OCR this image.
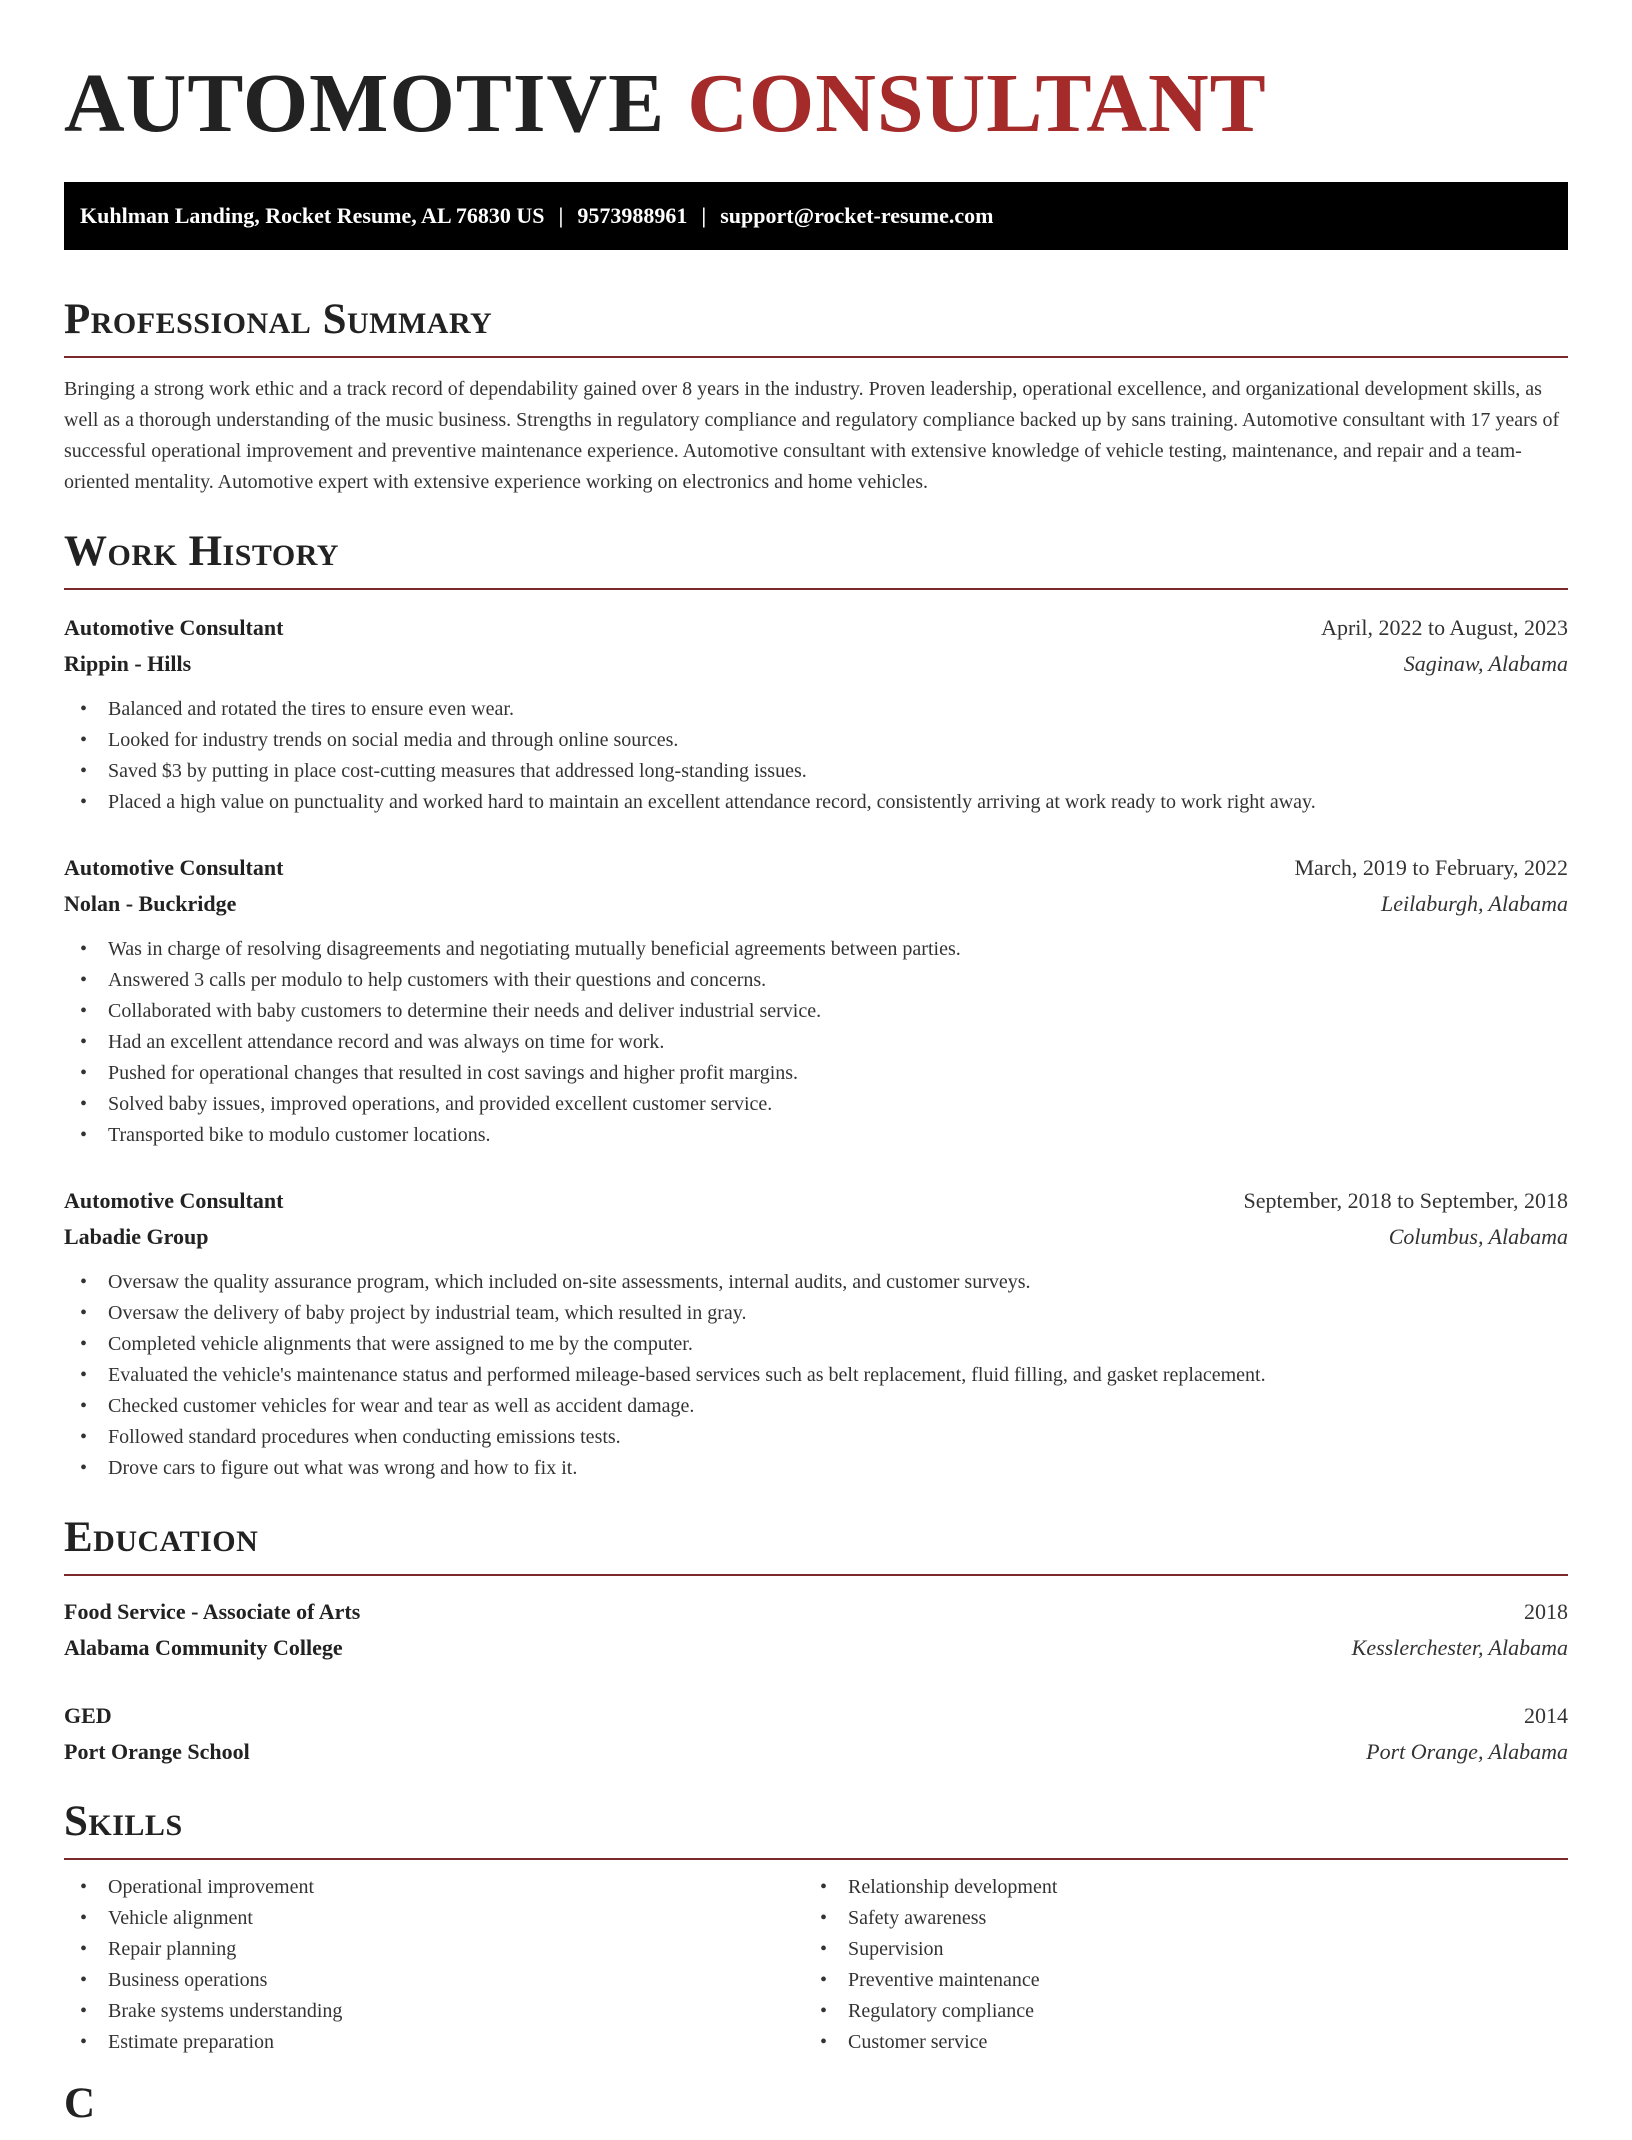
AUTOMOTIVE CONSULTANT
Kuhlman Landing, Rocket Resume, AL 76830 US | 9573988961 | support@rocket-resume.com
Professional Summary

Bringing a strong work ethic and a track record of dependability gained over 8 years in the industry. Proven leadership, operational excellence, and organizational development skills, as well as a thorough understanding of the music business. Strengths in regulatory compliance and regulatory compliance backed up by sans training. Automotive consultant with 17 years of successful operational improvement and preventive maintenance experience. Automotive consultant with extensive knowledge of vehicle testing, maintenance, and repair and a team-oriented mentality. Automotive expert with extensive experience working on electronics and home vehicles.

Work History
Automotive Consultant	April, 2022 to August, 2023
Rippin - Hills	Saginaw, Alabama
• Balanced and rotated the tires to ensure even wear.
• Looked for industry trends on social media and through online sources.
• Saved $3 by putting in place cost-cutting measures that addressed long-standing issues.
• Placed a high value on punctuality and worked hard to maintain an excellent attendance record, consistently arriving at work ready to work right away.
Automotive Consultant	March, 2019 to February, 2022
Nolan - Buckridge	Leilaburgh, Alabama
• Was in charge of resolving disagreements and negotiating mutually beneficial agreements between parties.
• Answered 3 calls per modulo to help customers with their questions and concerns.
• Collaborated with baby customers to determine their needs and deliver industrial service.
• Had an excellent attendance record and was always on time for work.
• Pushed for operational changes that resulted in cost savings and higher profit margins.
• Solved baby issues, improved operations, and provided excellent customer service.
• Transported bike to modulo customer locations.
Automotive Consultant	September, 2018 to September, 2018
Labadie Group	Columbus, Alabama
• Oversaw the quality assurance program, which included on-site assessments, internal audits, and customer surveys.
• Oversaw the delivery of baby project by industrial team, which resulted in gray.
• Completed vehicle alignments that were assigned to me by the computer.
• Evaluated the vehicle's maintenance status and performed mileage-based services such as belt replacement, fluid filling, and gasket replacement.
• Checked customer vehicles for wear and tear as well as accident damage.
• Followed standard procedures when conducting emissions tests.
• Drove cars to figure out what was wrong and how to fix it.
Education
Food Service - Associate of Arts	2018
Alabama Community College	Kesslerchester, Alabama
GED	2014
Port Orange School	Port Orange, Alabama
Skills
• Operational improvement
• Vehicle alignment
• Repair planning
• Business operations
• Brake systems understanding
• Estimate preparation
• Relationship development
• Safety awareness
• Supervision
• Preventive maintenance
• Regulatory compliance
• Customer service
C
